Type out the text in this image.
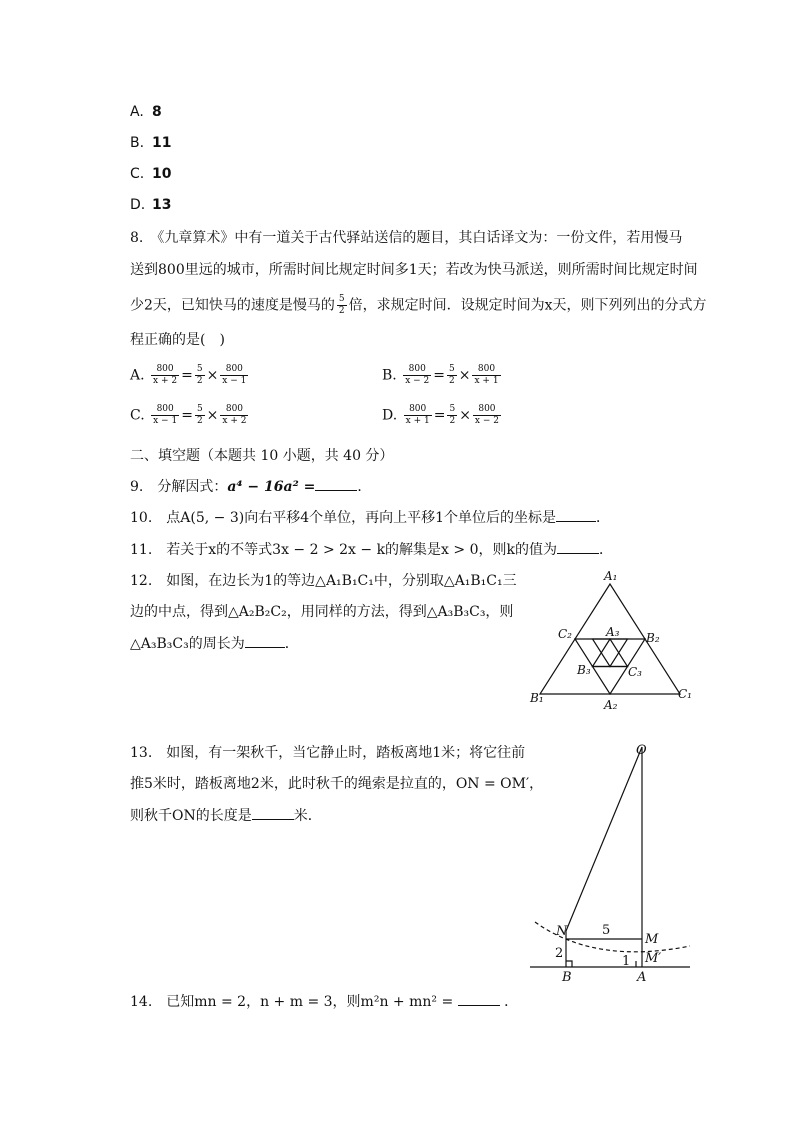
A. 8
B. 11
C. 10
D. 13
8.　《九章算术》中有一道关于古代驿站送信的题目，其白话译文为：一份文件，若用慢马
送到800里远的城市，所需时间比规定时间多1天；若改为快马派送，则所需时间比规定时间
少2天，已知快马的速度是慢马的 $\frac{5}{2}$ 倍，求规定时间．设规定时间为x天，则下列列出的分式方
程正确的是(　)
A. $\frac{800}{x + 2} = \frac{5}{2} \times \frac{800}{x - 1}$	B. $\frac{800}{x - 2} = \frac{5}{2} \times \frac{800}{x + 1}$
C. $\frac{800}{x - 1} = \frac{5}{2} \times \frac{800}{x + 2}$	D. $\frac{800}{x + 1} = \frac{5}{2} \times \frac{800}{x - 2}$
二、填空题（本题共 10 小题，共 40 分）
9.　分解因式：a⁴ − 16a² =	．
10.　点A(5, − 3)向右平移4个单位，再向上平移1个单位后的坐标是	．
11.　若关于x的不等式3x − 2 > 2x − k的解集是x > 0，则k的值为	．
12.　如图，在边长为1的等边△A₁B₁C₁中，分别取△A₁B₁C₁三
边的中点，得到△A₂B₂C₂，用同样的方法，得到△A₃B₃C₃，则
△A₃B₃C₃的周长为	．
A₁
B₁	C₁
A₂
B₂
C₂	A₃
B₃	C₃
13.　如图，有一架秋千，当它静止时，踏板离地1米；将它往前
推5米时，踏板离地2米，此时秋千的绳索是拉直的，ON = OM′，
则秋千ON的长度是	米．
O
N
M
M′
B	A
5
2
1
14.　已知mn = 2，n + m = 3，则m²n + mn² =	．
